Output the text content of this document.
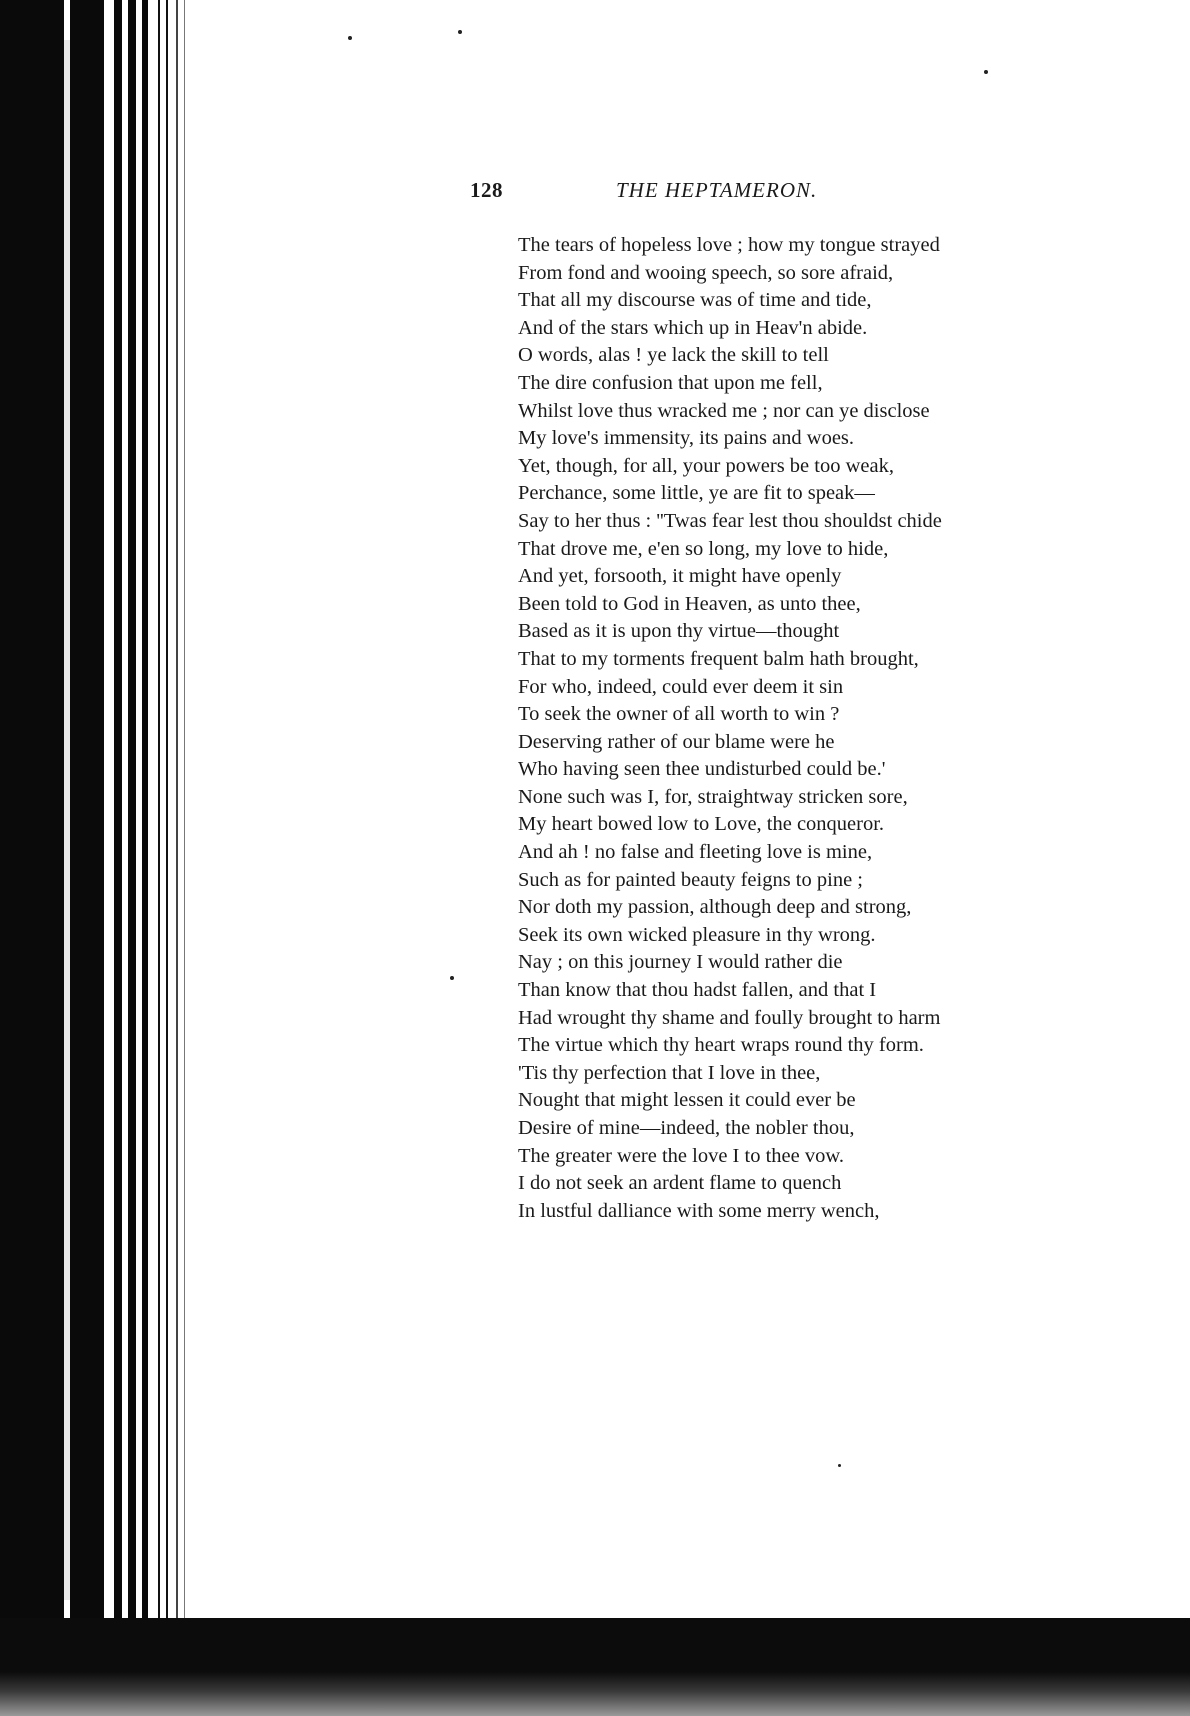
128	THE HEPTAMERON.
The tears of hopeless love ; how my tongue strayed
From fond and wooing speech, so sore afraid,
That all my discourse was of time and tide,
And of the stars which up in Heav'n abide.
O words, alas ! ye lack the skill to tell
The dire confusion that upon me fell,
Whilst love thus wracked me ; nor can ye disclose
My love's immensity, its pains and woes.
Yet, though, for all, your powers be too weak,
Perchance, some little, ye are fit to speak—
Say to her thus : ''Twas fear lest thou shouldst chide
That drove me, e'en so long, my love to hide,
And yet, forsooth, it might have openly
Been told to God in Heaven, as unto thee,
Based as it is upon thy virtue—thought
That to my torments frequent balm hath brought,
For who, indeed, could ever deem it sin
To seek the owner of all worth to win ?
Deserving rather of our blame were he
Who having seen thee undisturbed could be.'
None such was I, for, straightway stricken sore,
My heart bowed low to Love, the conqueror.
And ah ! no false and fleeting love is mine,
Such as for painted beauty feigns to pine ;
Nor doth my passion, although deep and strong,
Seek its own wicked pleasure in thy wrong.
Nay ; on this journey I would rather die
Than know that thou hadst fallen, and that I
Had wrought thy shame and foully brought to harm
The virtue which thy heart wraps round thy form.
'Tis thy perfection that I love in thee,
Nought that might lessen it could ever be
Desire of mine—indeed, the nobler thou,
The greater were the love I to thee vow.
I do not seek an ardent flame to quench
In lustful dalliance with some merry wench,
